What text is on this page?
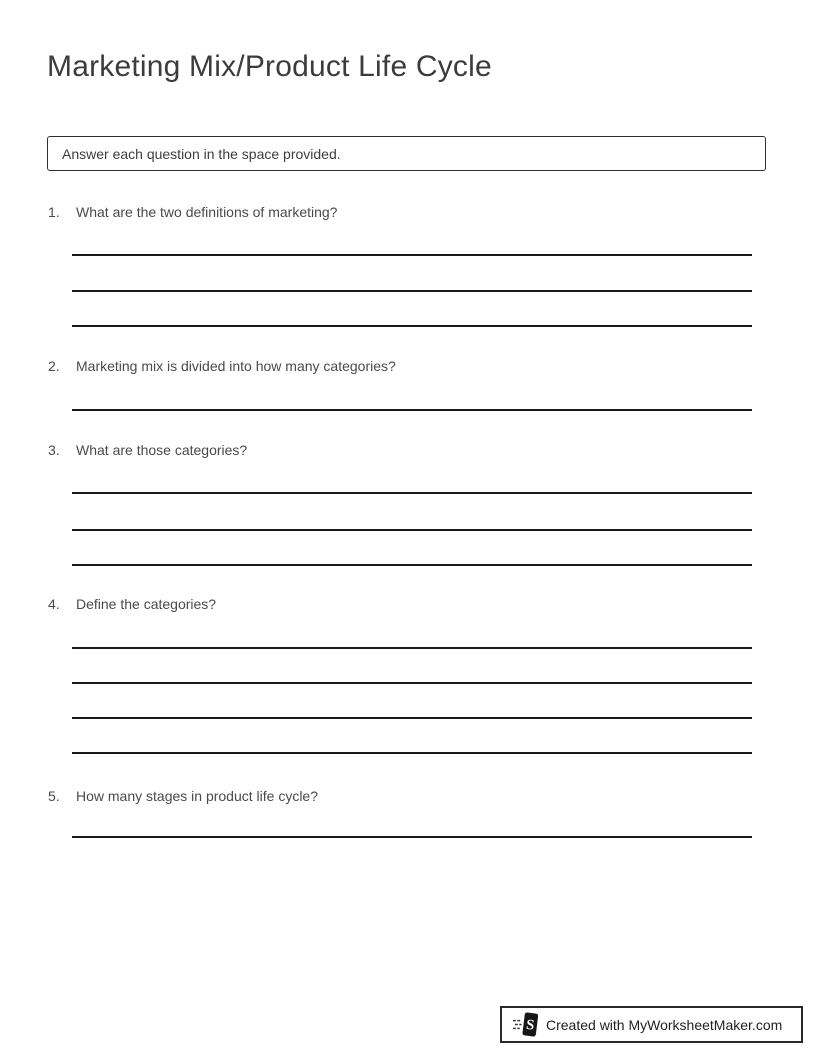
Marketing Mix/Product Life Cycle
Answer each question in the space provided.
1.	What are the two definitions of marketing?
2.	Marketing mix is divided into how many categories?
3.	What are those categories?
4.	Define the categories?
5.	How many stages in product life cycle?
S Created with MyWorksheetMaker.com
